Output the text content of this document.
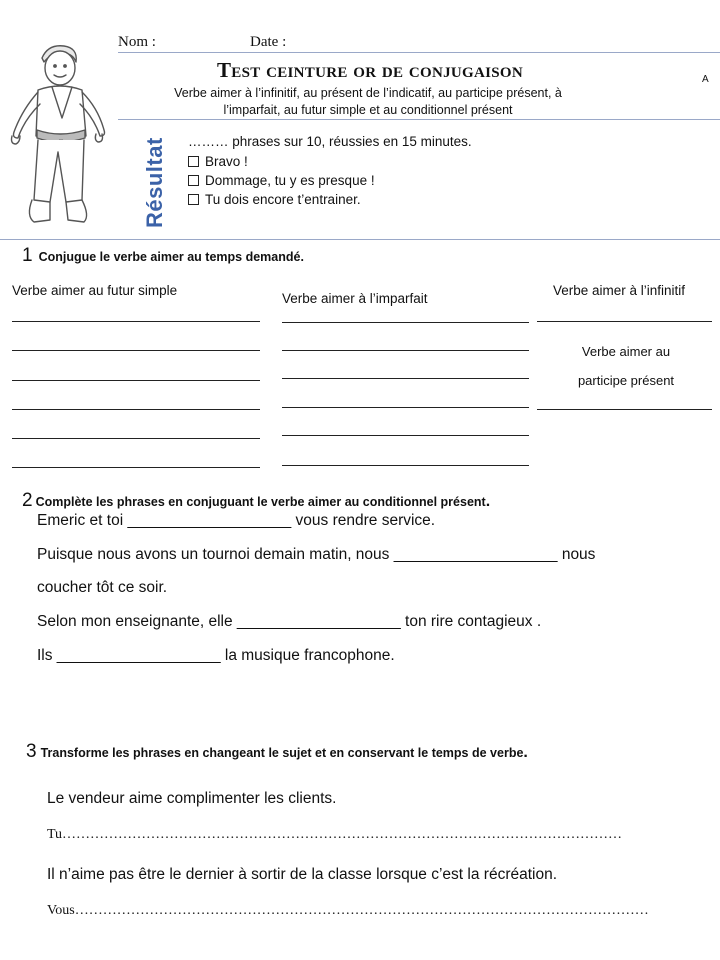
Nom :	Date :
Test ceinture or de conjugaison	A
Verbe aimer à l’infinitif, au présent de l’indicatif, au participe présent, à
l’imparfait, au futur simple et au conditionnel présent
Résultat ……… phrases sur 10, réussies en 15 minutes.
Bravo !
Dommage, tu y es presque !
Tu dois encore t’entrainer.
1 Conjugue le verbe aimer au temps demandé.
Verbe aimer au futur simple
Verbe aimer à l’imparfait
Verbe aimer à l’infinitif
Verbe aimer au
participe présent
2 Complète les phrases en conjuguant le verbe aimer au conditionnel présent.
Emeric et toi ___________________ vous rendre service.
Puisque nous avons un tournoi demain matin, nous ___________________ nous
coucher tôt ce soir.
Selon mon enseignante, elle ___________________ ton rire contagieux .
Ils ___________________ la musique francophone.
3 Transforme les phrases en changeant le sujet et en conservant le temps de verbe.
Le vendeur aime complimenter les clients.
Tu…………………………………………………………………………………………………………
Il n’aime pas être le dernier à sortir de la classe lorsque c’est la récréation.
Vous……………………………………………………………………………………………………………
